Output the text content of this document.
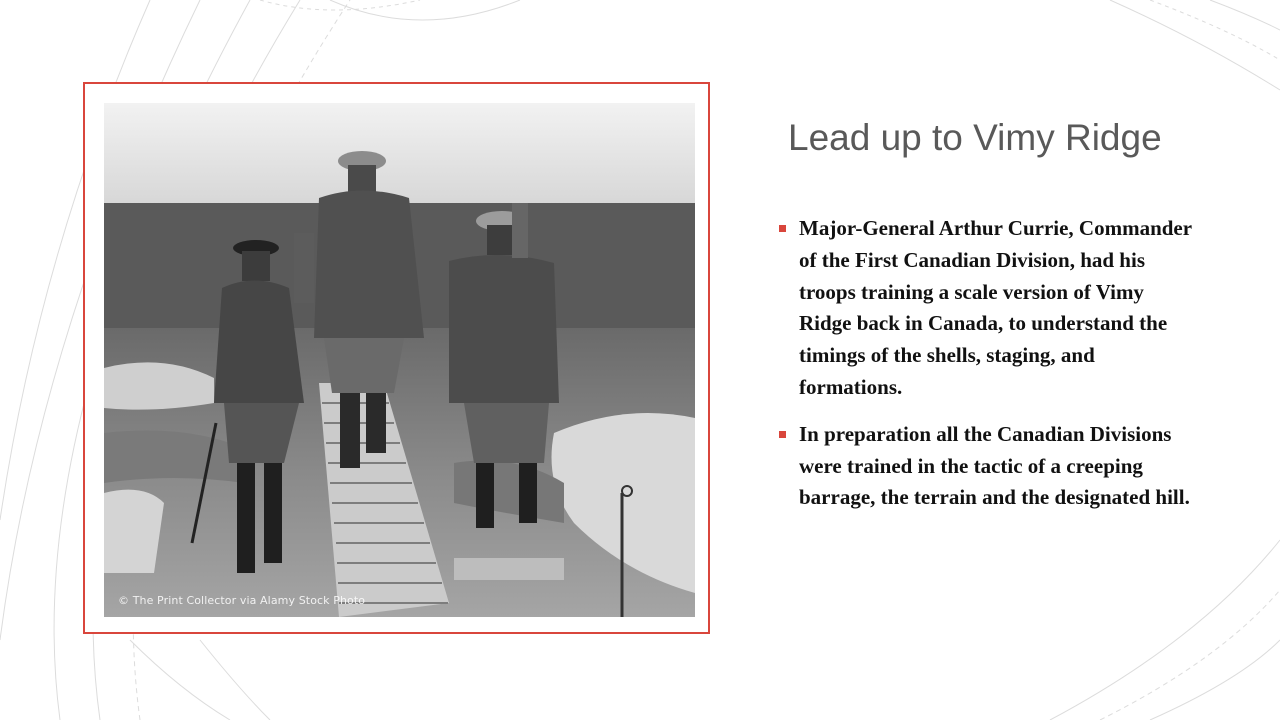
© The Print Collector via Alamy Stock Photo
Lead up to Vimy Ridge
Major-General Arthur Currie, Commander of the First Canadian Division, had his troops training a scale version of Vimy Ridge back in Canada, to understand the timings of the shells, staging, and formations.
In preparation all the Canadian Divisions were trained in the tactic of a creeping barrage, the terrain and the designated hill.
